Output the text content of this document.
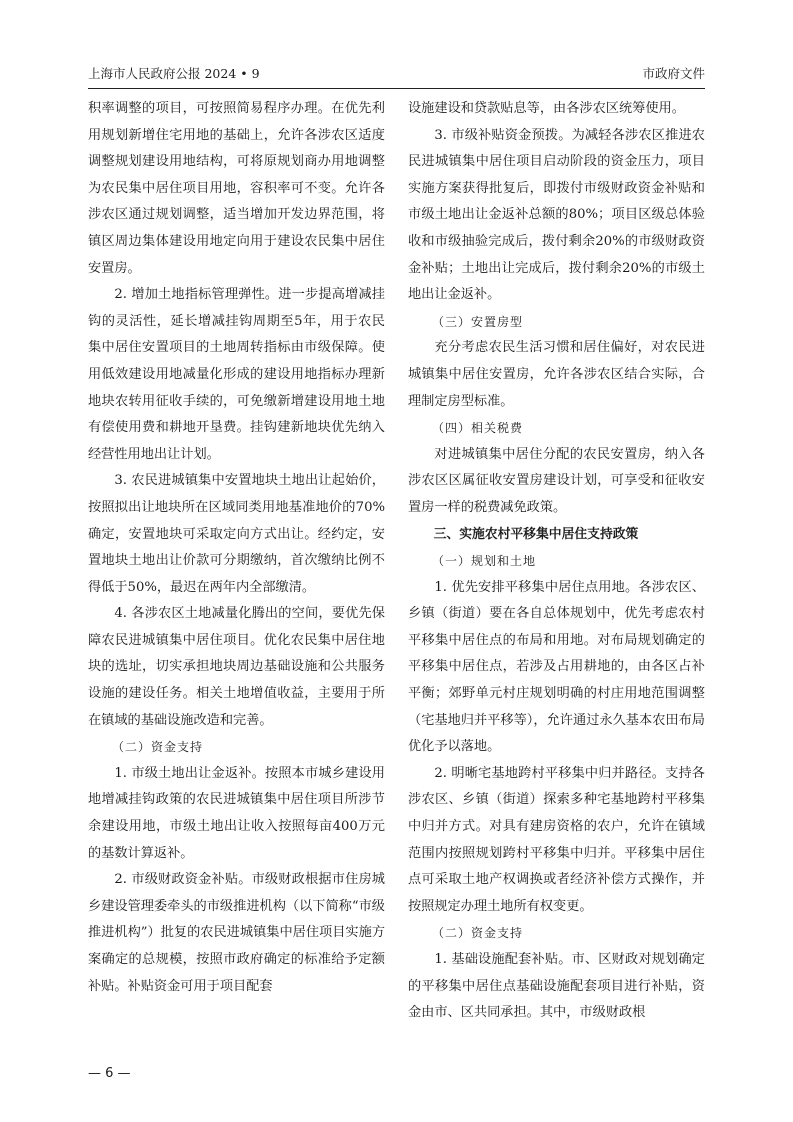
上海市人民政府公报 2024 • 9	市政府文件

积率调整的项目，可按照简易程序办理。在优先利用规划新增住宅用地的基础上，允许各涉农区适度调整规划建设用地结构，可将原规划商办用地调整为农民集中居住项目用地，容积率可不变。允许各涉农区通过规划调整，适当增加开发边界范围，将镇区周边集体建设用地定向用于建设农民集中居住安置房。

2. 增加土地指标管理弹性。进一步提高增减挂钩的灵活性，延长增减挂钩周期至5年，用于农民集中居住安置项目的土地周转指标由市级保障。使用低效建设用地减量化形成的建设用地指标办理新地块农转用征收手续的，可免缴新增建设用地土地有偿使用费和耕地开垦费。挂钩建新地块优先纳入经营性用地出让计划。

3. 农民进城镇集中安置地块土地出让起始价，按照拟出让地块所在区域同类用地基准地价的70%确定，安置地块可采取定向方式出让。经约定，安置地块土地出让价款可分期缴纳，首次缴纳比例不得低于50%，最迟在两年内全部缴清。

4. 各涉农区土地减量化腾出的空间，要优先保障农民进城镇集中居住项目。优化农民集中居住地块的选址，切实承担地块周边基础设施和公共服务设施的建设任务。相关土地增值收益，主要用于所在镇域的基础设施改造和完善。

（二）资金支持

1. 市级土地出让金返补。按照本市城乡建设用地增减挂钩政策的农民进城镇集中居住项目所涉节余建设用地，市级土地出让收入按照每亩400万元的基数计算返补。

2. 市级财政资金补贴。市级财政根据市住房城乡建设管理委牵头的市级推进机构（以下简称“市级推进机构”）批复的农民进城镇集中居住项目实施方案确定的总规模，按照市政府确定的标准给予定额补贴。补贴资金可用于项目配套

设施建设和贷款贴息等，由各涉农区统筹使用。

3. 市级补贴资金预拨。为减轻各涉农区推进农民进城镇集中居住项目启动阶段的资金压力，项目实施方案获得批复后，即拨付市级财政资金补贴和市级土地出让金返补总额的80%；项目区级总体验收和市级抽验完成后，拨付剩余20%的市级财政资金补贴；土地出让完成后，拨付剩余20%的市级土地出让金返补。

（三）安置房型

充分考虑农民生活习惯和居住偏好，对农民进城镇集中居住安置房，允许各涉农区结合实际，合理制定房型标准。

（四）相关税费

对进城镇集中居住分配的农民安置房，纳入各涉农区区属征收安置房建设计划，可享受和征收安置房一样的税费减免政策。

三、实施农村平移集中居住支持政策

（一）规划和土地

1. 优先安排平移集中居住点用地。各涉农区、乡镇（街道）要在各自总体规划中，优先考虑农村平移集中居住点的布局和用地。对布局规划确定的平移集中居住点，若涉及占用耕地的，由各区占补平衡；郊野单元村庄规划明确的村庄用地范围调整（宅基地归并平移等），允许通过永久基本农田布局优化予以落地。

2. 明晰宅基地跨村平移集中归并路径。支持各涉农区、乡镇（街道）探索多种宅基地跨村平移集中归并方式。对具有建房资格的农户，允许在镇域范围内按照规划跨村平移集中归并。平移集中居住点可采取土地产权调换或者经济补偿方式操作，并按照规定办理土地所有权变更。

（二）资金支持

1. 基础设施配套补贴。市、区财政对规划确定的平移集中居住点基础设施配套项目进行补贴，资金由市、区共同承担。其中，市级财政根

— 6 —
